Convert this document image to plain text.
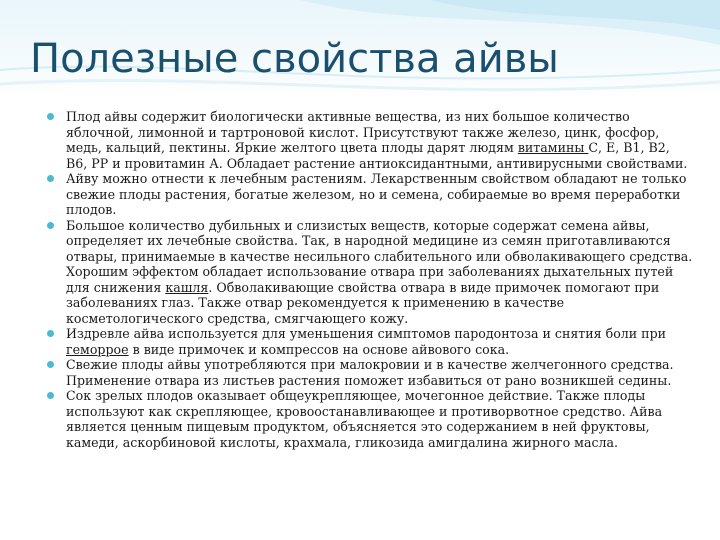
Полезные свойства айвы
Плод айвы содержит биологически активные вещества, из них большое количество яблочной, лимонной и тартроновой кислот. Присутствуют также железо, цинк, фосфор, медь, кальций, пектины. Яркие желтого цвета плоды дарят людям витамины С, Е, В1, В2, В6, РР и провитамин А. Обладает растение антиоксидантными, антивирусными свойствами.
Айву можно отнести к лечебным растениям. Лекарственным свойством обладают не только свежие плоды растения, богатые железом, но и семена, собираемые во время переработки плодов.
Большое количество дубильных и слизистых веществ, которые содержат семена айвы, определяет их лечебные свойства. Так, в народной медицине из семян приготавливаются отвары, принимаемые в качестве несильного слабительного или обволакивающего средства. Хорошим эффектом обладает использование отвара при заболеваниях дыхательных путей для снижения кашля. Обволакивающие свойства отвара в виде примочек помогают при заболеваниях глаз. Также отвар рекомендуется к применению в качестве косметологического средства, смягчающего кожу.
Издревле айва используется для уменьшения симптомов пародонтоза и снятия боли при геморрое в виде примочек и компрессов на основе айвового сока.
Свежие плоды айвы употребляются при малокровии и в качестве желчегонного средства. Применение отвара из листьев растения поможет избавиться от рано возникшей седины.
Сок зрелых плодов оказывает общеукрепляющее, мочегонное действие. Также плоды используют как скрепляющее, кровоостанавливающее и противорвотное средство. Айва является ценным пищевым продуктом, объясняется это содержанием в ней фруктовы, камеди, аскорбиновой кислоты, крахмала, гликозида амигдалина жирного масла.
